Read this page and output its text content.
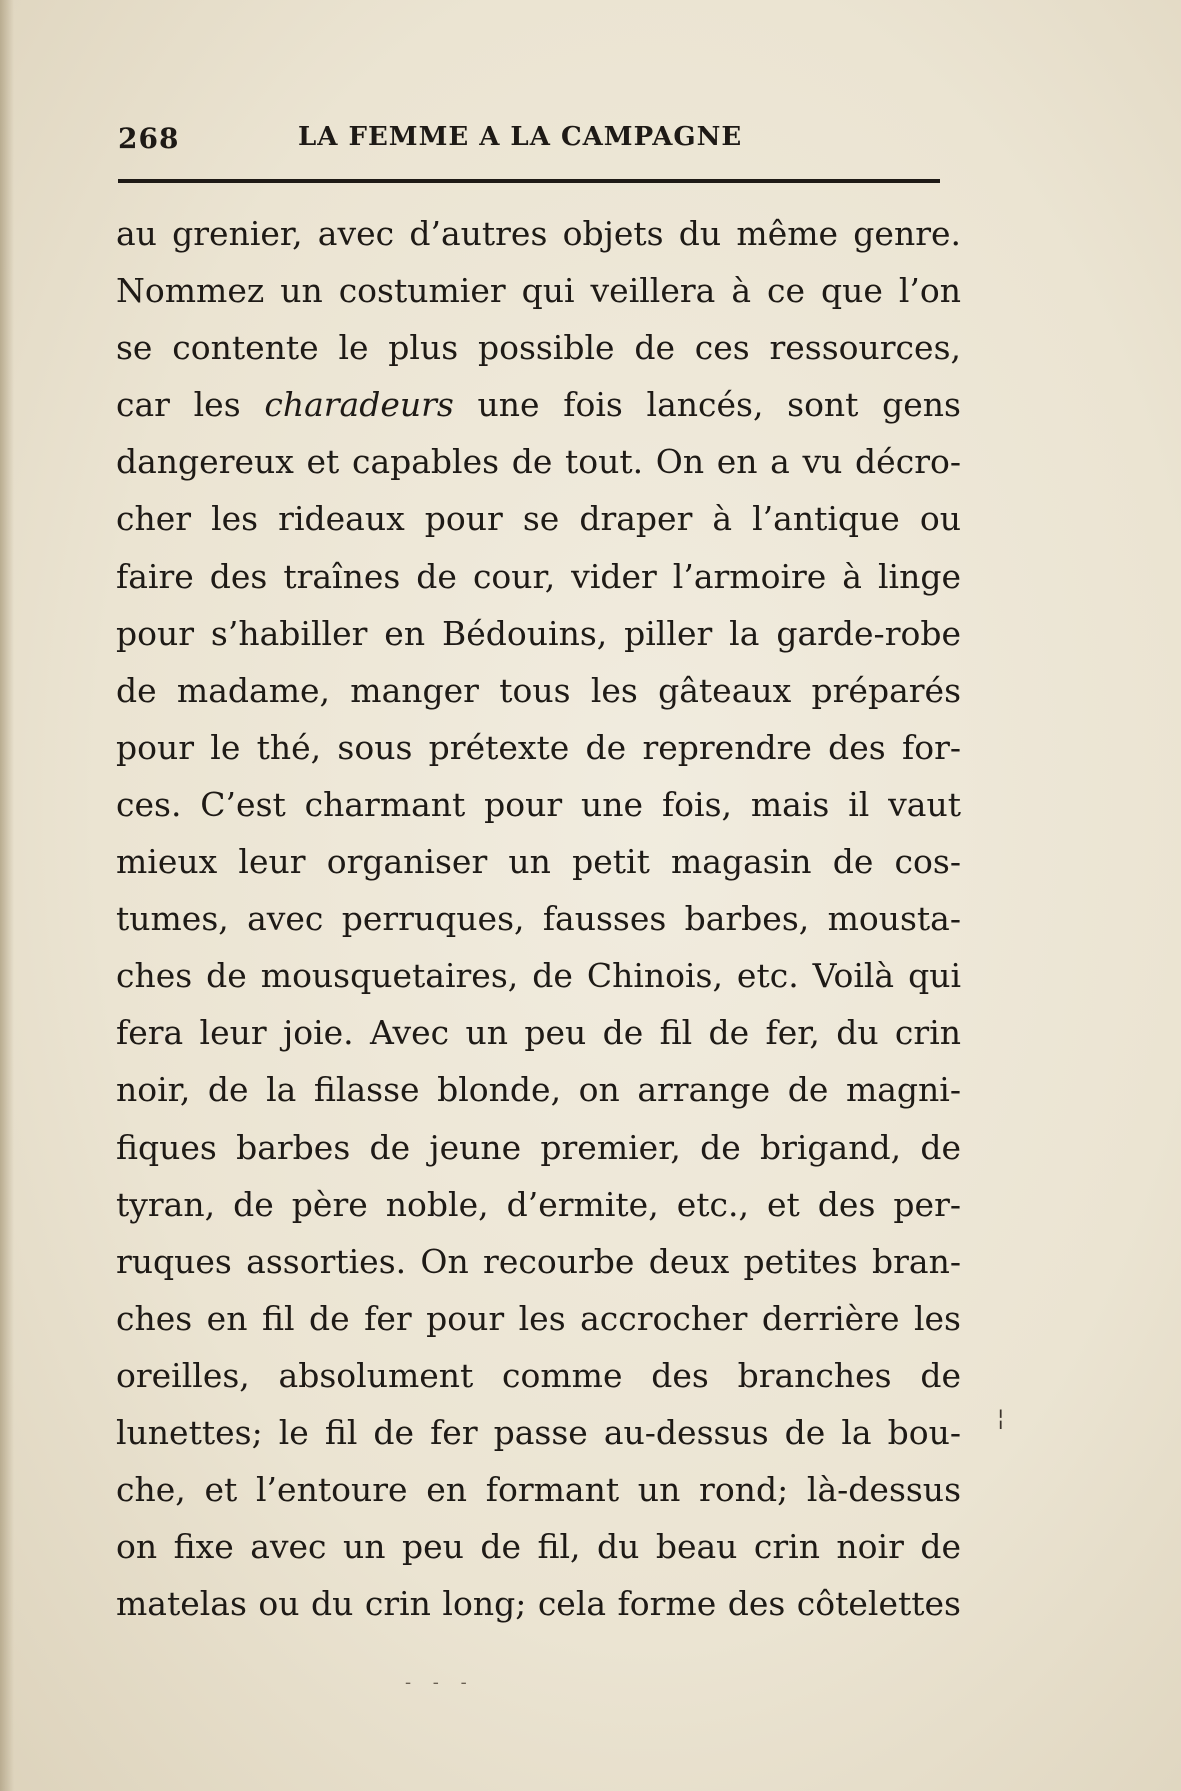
268	LA FEMME A LA CAMPAGNE
au grenier, avec d’autres objets du même genre.
Nommez un costumier qui veillera à ce que l’on
se contente le plus possible de ces ressources,
car les charadeurs une fois lancés, sont gens
dangereux et capables de tout. On en a vu décro-
cher les rideaux pour se draper à l’antique ou
faire des traînes de cour, vider l’armoire à linge
pour s’habiller en Bédouins, piller la garde-robe
de madame, manger tous les gâteaux préparés
pour le thé, sous prétexte de reprendre des for-
ces. C’est charmant pour une fois, mais il vaut
mieux leur organiser un petit magasin de cos-
tumes, avec perruques, fausses barbes, mousta-
ches de mousquetaires, de Chinois, etc. Voilà qui
fera leur joie. Avec un peu de fil de fer, du crin
noir, de la filasse blonde, on arrange de magni-
fiques barbes de jeune premier, de brigand, de
tyran, de père noble, d’ermite, etc., et des per-
ruques assorties. On recourbe deux petites bran-
ches en fil de fer pour les accrocher derrière les
oreilles, absolument comme des branches de
lunettes; le fil de fer passe au-dessus de la bou-
che, et l’entoure en formant un rond; là-dessus
on fixe avec un peu de fil, du beau crin noir de
matelas ou du crin long; cela forme des côtelettes
¦
- - -
